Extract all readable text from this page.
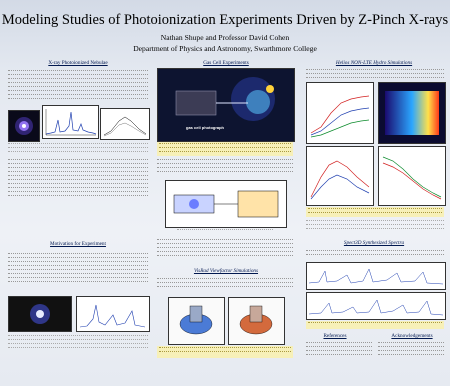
Modeling Studies of Photoionization Experiments Driven by Z-Pinch X-rays
Nathan Shupe and Professor David Cohen
Department of Physics and Astronomy, Swarthmore College
X-ray Photoionized Nebulae
Motivation for Experiment
Gas Cell Experiments
gas cell photograph
VisRad Viewfactor Simulations
Helios NON-LTE Hydro Simulations
Spect3D Synthesized Spectra
References	Acknowledgements
